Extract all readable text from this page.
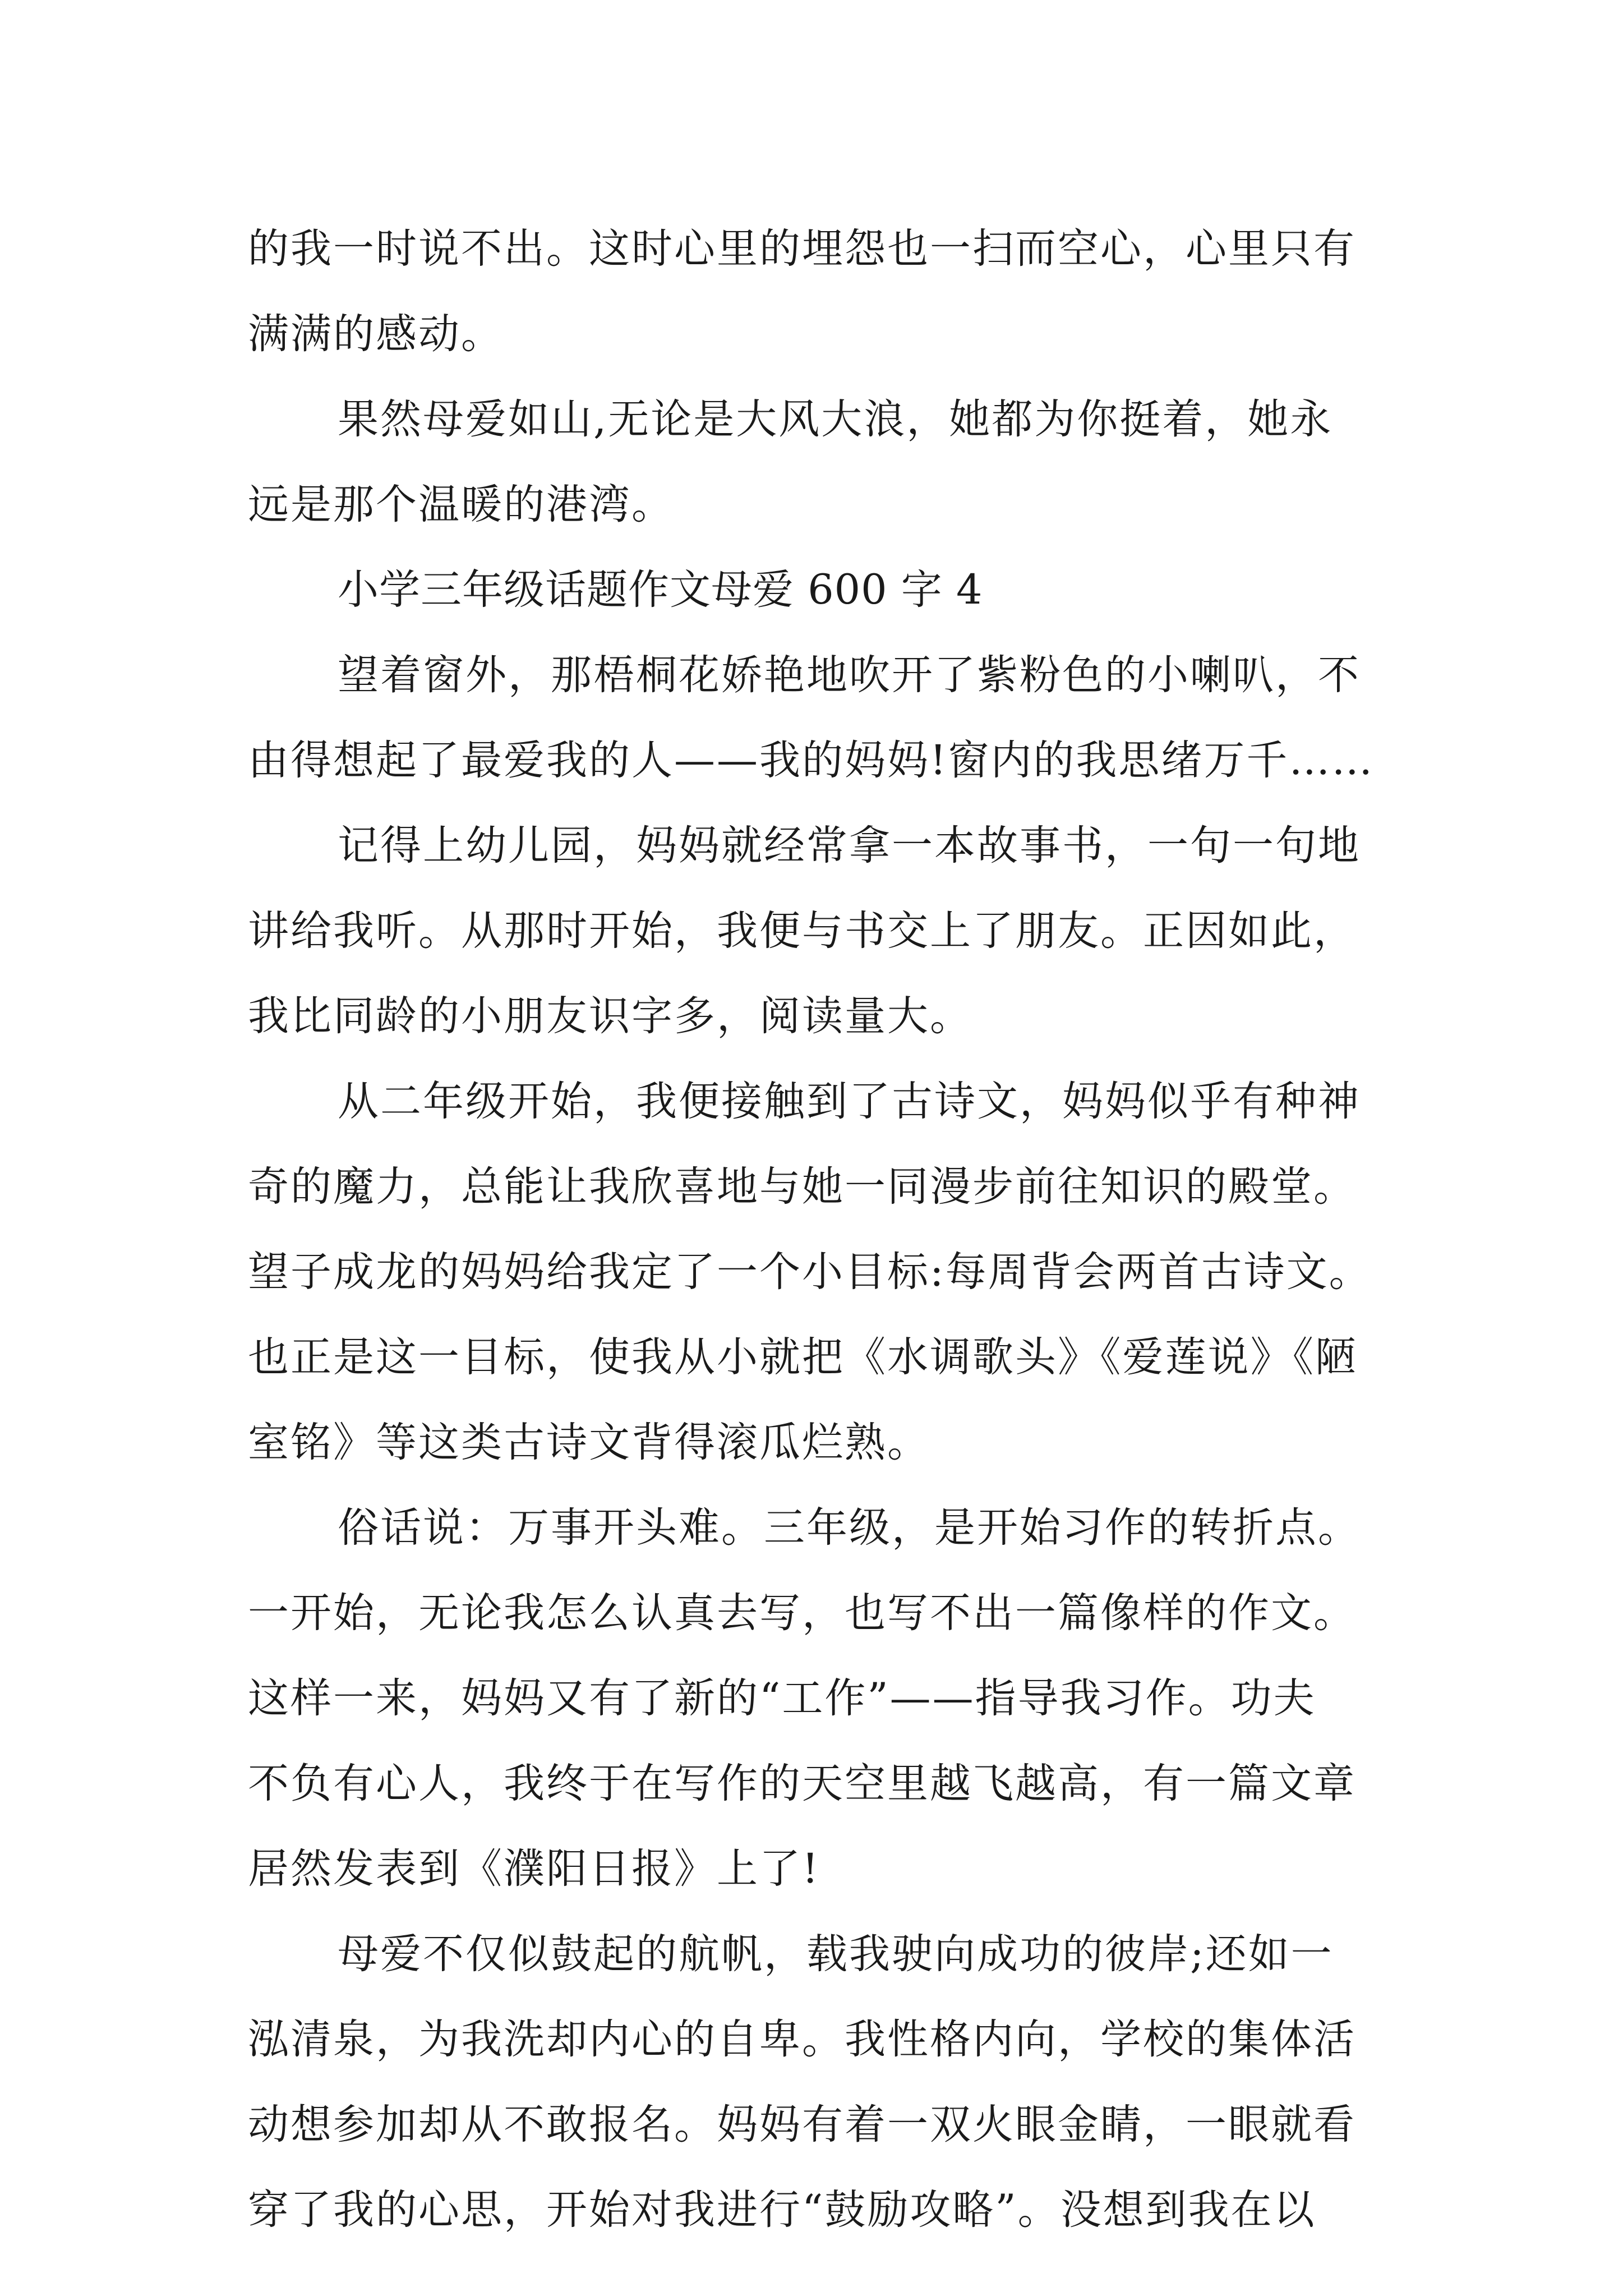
的我一时说不出。这时心里的埋怨也一扫而空心，心里只有
满满的感动。
果然母爱如山,无论是大风大浪，她都为你挺着，她永
远是那个温暖的港湾。
小学三年级话题作文母爱 600 字 4
望着窗外，那梧桐花娇艳地吹开了紫粉色的小喇叭，不
由得想起了最爱我的人——我的妈妈!窗内的我思绪万千……
记得上幼儿园，妈妈就经常拿一本故事书，一句一句地
讲给我听。从那时开始，我便与书交上了朋友。正因如此，
我比同龄的小朋友识字多，阅读量大。
从二年级开始，我便接触到了古诗文，妈妈似乎有种神
奇的魔力，总能让我欣喜地与她一同漫步前往知识的殿堂。
望子成龙的妈妈给我定了一个小目标:每周背会两首古诗文。
也正是这一目标，使我从小就把《水调歌头》《爱莲说》《陋
室铭》等这类古诗文背得滚瓜烂熟。
俗话说：万事开头难。三年级，是开始习作的转折点。
一开始，无论我怎么认真去写，也写不出一篇像样的作文。
这样一来，妈妈又有了新的“工作”——指导我习作。功夫
不负有心人，我终于在写作的天空里越飞越高，有一篇文章
居然发表到《濮阳日报》上了!
母爱不仅似鼓起的航帆，载我驶向成功的彼岸;还如一
泓清泉，为我洗却内心的自卑。我性格内向，学校的集体活
动想参加却从不敢报名。妈妈有着一双火眼金睛，一眼就看
穿了我的心思，开始对我进行“鼓励攻略”。没想到我在以
